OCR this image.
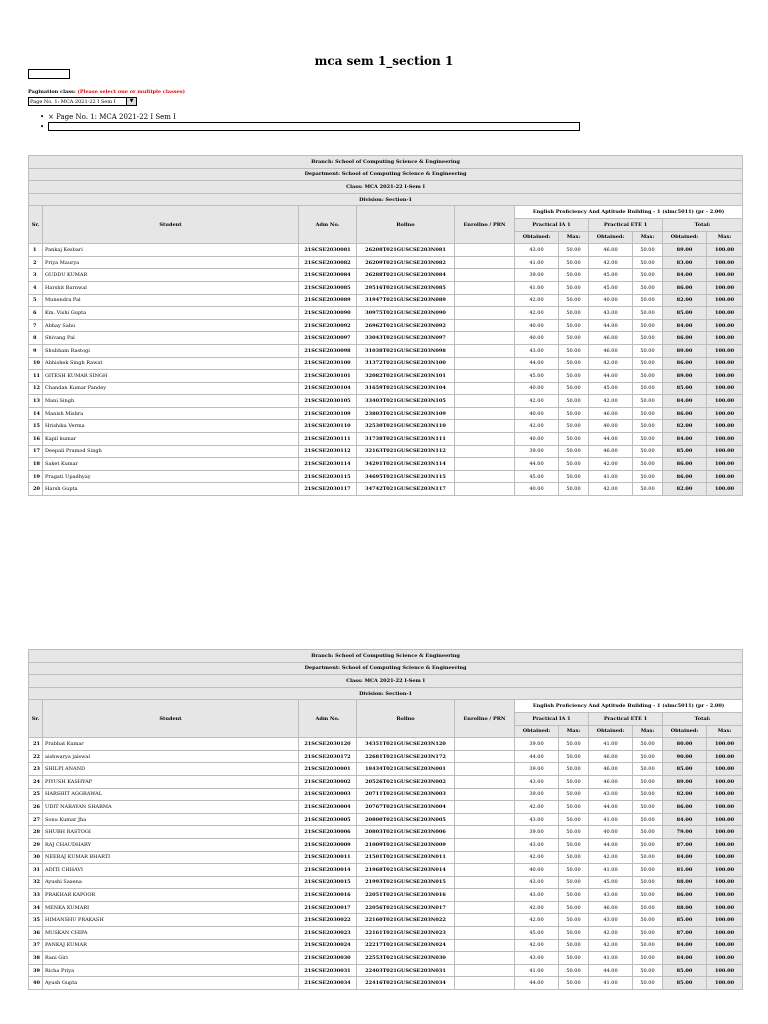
mca sem 1_section 1
Pagination class: (Please select one or multiple classes)
Page No. 1: MCA 2021-22 I Sem I	▼
• × Page No. 1: MCA 2021-22 I Sem I
•
Branch: School of Computing Science & Engineering										
Department: School of Computing Science & Engineering										
Class: MCA 2021-22 I-Sem I										
Division: Section-1										
Sr.	Student	Adm No.	Rollno	Enrollno / PRN	English Proficiency And Aptitude Building - 1 (slmc5011) (pr - 2.00)					
					Practical IA 1		Practical ETE 1		Total:	
					Obtained:	Max:	Obtained:	Max:	Obtained:	Max:
1	Pankaj Kesbari	21SCSE2030081	26208T021GUSCSE203N081		43.00	50.00	46.00	50.00	89.00	100.00
2	Priya Maurya	21SCSE2030082	26209T021GUSCSE203N082		41.00	50.00	42.00	50.00	83.00	100.00
3	GUDDU KUMAR	21SCSE2030084	26288T021GUSCSE203N084		39.00	50.00	45.00	50.00	84.00	100.00
4	Harshit Barnwal	21SCSE2030085	29516T021GUSCSE203N085		41.00	50.00	45.00	50.00	86.00	100.00
5	Munendra Pal	21SCSE2030089	31947T021GUSCSE203N089		42.00	50.00	40.00	50.00	82.00	100.00
6	Km. Vishi Gupta	21SCSE2030090	30975T021GUSCSE203N090		42.00	50.00	43.00	50.00	85.00	100.00
7	Abhay Sahu	21SCSE2030092	26962T021GUSCSE203N092		40.00	50.00	44.00	50.00	84.00	100.00
8	Shivang Pal	21SCSE2030097	33043T021GUSCSE203N097		40.00	50.00	46.00	50.00	86.00	100.00
9	Shubham Rastogi	21SCSE2030098	31038T021GUSCSE203N098		43.00	50.00	46.00	50.00	89.00	100.00
10	Abhishek Singh Rawat	21SCSE2030100	31372T021GUSCSE203N100		44.00	50.00	42.00	50.00	86.00	100.00
11	GITESH KUMAR SINGH	21SCSE2030101	32082T021GUSCSE203N101		45.00	50.00	44.00	50.00	89.00	100.00
12	Chandan Kumar Pandey	21SCSE2030104	31659T021GUSCSE203N104		40.00	50.00	45.00	50.00	85.00	100.00
13	Mani Singh	21SCSE2030105	33403T021GUSCSE203N105		42.00	50.00	42.00	50.00	84.00	100.00
14	Manish Mishra	21SCSE2030109	23803T021GUSCSE203N109		40.00	50.00	46.00	50.00	86.00	100.00
15	Hrishika Verma	21SCSE2030110	32530T021GUSCSE203N110		42.00	50.00	40.00	50.00	82.00	100.00
16	Kapil kumar	21SCSE2030111	31738T021GUSCSE203N111		40.00	50.00	44.00	50.00	84.00	100.00
17	Deepali Pramod Singh	21SCSE2030112	32163T021GUSCSE203N112		39.00	50.00	46.00	50.00	85.00	100.00
18	Saket Kumar	21SCSE2030114	34291T021GUSCSE203N114		44.00	50.00	42.00	50.00	86.00	100.00
19	Pragati Upadhyay	21SCSE2030115	34695T021GUSCSE203N115		45.00	50.00	41.00	50.00	86.00	100.00
20	Harsh Gupta	21SCSE2030117	34742T021GUSCSE203N117		40.00	50.00	42.00	50.00	82.00	100.00
Branch: School of Computing Science & Engineering										
Department: School of Computing Science & Engineering										
Class: MCA 2021-22 I-Sem I										
Division: Section-1										
Sr.	Student	Adm No.	Rollno	Enrollno / PRN	English Proficiency And Aptitude Building - 1 (slmc5011) (pr - 2.00)					
					Practical IA 1		Practical ETE 1		Total:	
					Obtained:	Max:	Obtained:	Max:	Obtained:	Max:
21	Prabhat Kumar	21SCSE2030120	34351T021GUSCSE203N120		39.00	50.00	41.00	50.00	80.00	100.00
22	aishwarya jaiswal	21SCSE2030172	22681T021GUSCSE203N172		44.00	50.00	46.00	50.00	90.00	100.00
23	SHILPI ANAND	21SCSE2030001	18434T021GUSCSE203N001		39.00	50.00	46.00	50.00	85.00	100.00
24	PIYUSH KASHYAP	21SCSE2030002	20526T021GUSCSE203N002		43.00	50.00	46.00	50.00	89.00	100.00
25	HARSHIT AGGRAWAL	21SCSE2030003	20711T021GUSCSE203N003		39.00	50.00	43.00	50.00	82.00	100.00
26	UDIT NARAYAN SHARMA	21SCSE2030004	20767T021GUSCSE203N004		42.00	50.00	44.00	50.00	86.00	100.00
27	Sonu Kumar Jha	21SCSE2030005	20800T021GUSCSE203N005		43.00	50.00	41.00	50.00	84.00	100.00
28	SHUBH RASTOGI	21SCSE2030006	20803T021GUSCSE203N006		39.00	50.00	40.00	50.00	79.00	100.00
29	RAJ CHAUDHARY	21SCSE2030009	21009T021GUSCSE203N009		43.00	50.00	44.00	50.00	87.00	100.00
30	NEERAJ KUMAR BHARTI	21SCSE2030011	21501T021GUSCSE203N011		42.00	50.00	42.00	50.00	84.00	100.00
31	ADITI CHHAVI	21SCSE2030014	21968T021GUSCSE203N014		40.00	50.00	41.00	50.00	81.00	100.00
32	Ayushi Saxena	21SCSE2030015	21993T021GUSCSE203N015		43.00	50.00	45.00	50.00	88.00	100.00
33	PRAKHAR KAPOOR	21SCSE2030016	22051T021GUSCSE203N016		43.00	50.00	43.00	50.00	86.00	100.00
34	MENKA KUMARI	21SCSE2030017	22056T021GUSCSE203N017		42.00	50.00	46.00	50.00	88.00	100.00
35	HIMANSHU PRAKASH	21SCSE2030022	22160T021GUSCSE203N022		42.00	50.00	43.00	50.00	85.00	100.00
36	MUSKAN CHIPA	21SCSE2030023	22161T021GUSCSE203N023		45.00	50.00	42.00	50.00	87.00	100.00
37	PANKAJ KUMAR	21SCSE2030024	22217T021GUSCSE203N024		42.00	50.00	42.00	50.00	84.00	100.00
38	Rani Giri	21SCSE2030030	22553T021GUSCSE203N030		43.00	50.00	41.00	50.00	84.00	100.00
39	Richa Priya	21SCSE2030031	22403T021GUSCSE203N031		41.00	50.00	44.00	50.00	85.00	100.00
40	Ayush Gupta	21SCSE2030034	22416T021GUSCSE203N034		44.00	50.00	41.00	50.00	85.00	100.00
